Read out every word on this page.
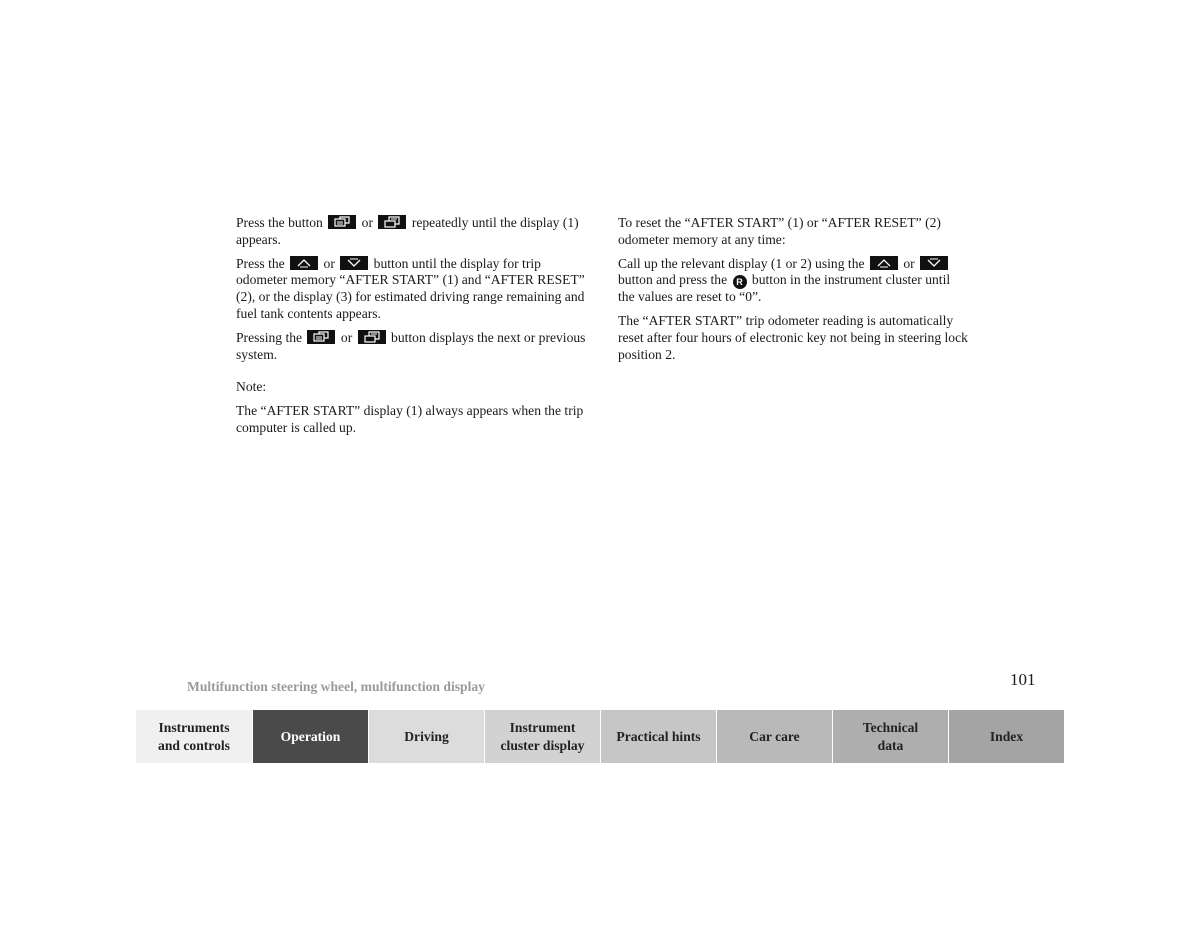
Press the button	or	repeatedly until the display (1) appears.

Press the	or	button until the display for trip odometer memory “AFTER START” (1) and “AFTER RESET” (2), or the display (3) for estimated driving range remaining and fuel tank contents appears.

Pressing the	or	button displays the next or previous system.

Note:

The “AFTER START” display (1) always appears when the trip computer is called up.

To reset the “AFTER START” (1) or “AFTER RESET” (2) odometer memory at any time:

Call up the relevant display (1 or 2) using the	or
button and press the R button in the instrument cluster until the values are reset to “0”.

The “AFTER START” trip odometer reading is automatically reset after four hours of electronic key not being in steering lock position 2.

Multifunction steering wheel, multifunction display	101
Instruments
and controls
Operation	Driving
Instrument
cluster display
Practical hints	Car care
Technical
data
Index
